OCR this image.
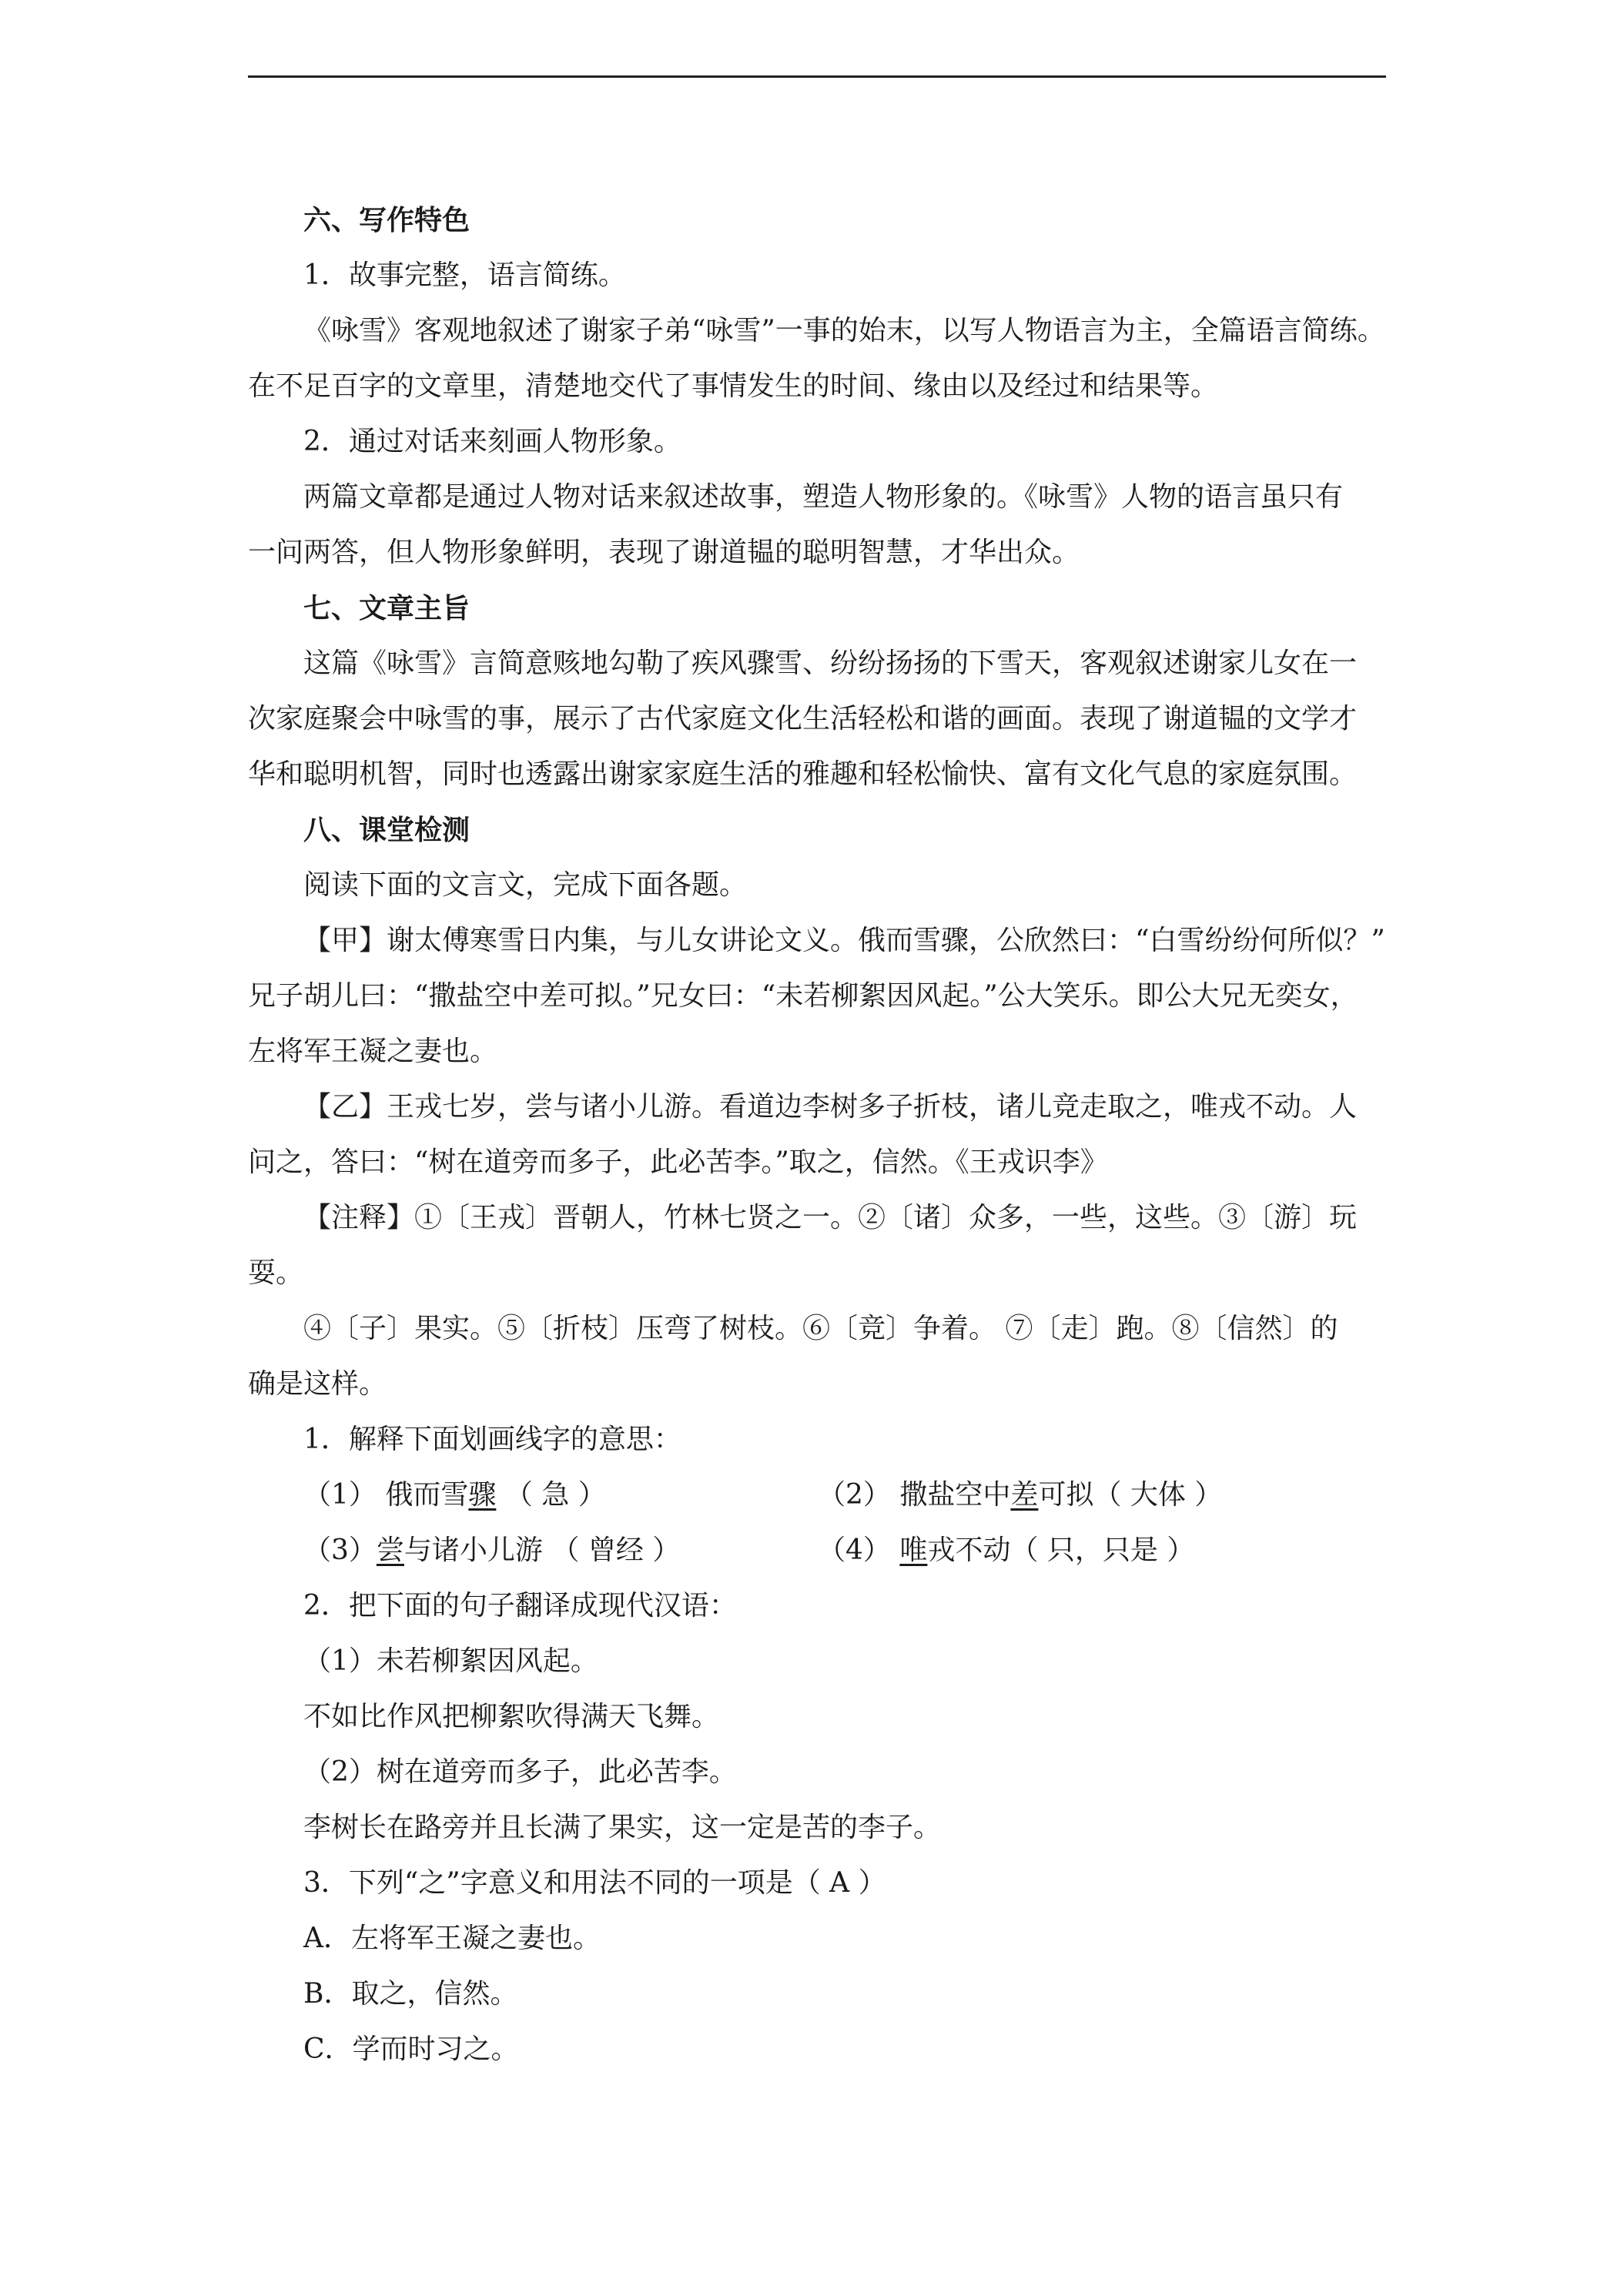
六、写作特色
1．故事完整，语言简练。
《咏雪》客观地叙述了谢家子弟“咏雪”一事的始末，以写人物语言为主，全篇语言简练。
在不足百字的文章里，清楚地交代了事情发生的时间、缘由以及经过和结果等。
2．通过对话来刻画人物形象。
两篇文章都是通过人物对话来叙述故事，塑造人物形象的。《咏雪》人物的语言虽只有
一问两答，但人物形象鲜明，表现了谢道韫的聪明智慧，才华出众。
七、文章主旨
这篇《咏雪》言简意赅地勾勒了疾风骤雪、纷纷扬扬的下雪天，客观叙述谢家儿女在一
次家庭聚会中咏雪的事，展示了古代家庭文化生活轻松和谐的画面。表现了谢道韫的文学才
华和聪明机智，同时也透露出谢家家庭生活的雅趣和轻松愉快、富有文化气息的家庭氛围。
八、课堂检测
阅读下面的文言文，完成下面各题。
【甲】谢太傅寒雪日内集，与儿女讲论文义。俄而雪骤，公欣然曰：“白雪纷纷何所似？”
兄子胡儿曰：“撒盐空中差可拟。”兄女曰：“未若柳絮因风起。”公大笑乐。即公大兄无奕女，
左将军王凝之妻也。
【乙】王戎七岁，尝与诸小儿游。看道边李树多子折枝，诸儿竞走取之，唯戎不动。人
问之，答曰：“树在道旁而多子，此必苦李。”取之，信然。《王戎识李》
【注释】①〔王戎〕晋朝人，竹林七贤之一。②〔诸〕众多，一些，这些。③〔游〕玩
耍。
④〔子〕果实。⑤〔折枝〕压弯了树枝。⑥〔竞〕争着。 ⑦〔走〕跑。⑧〔信然〕的
确是这样。
1．解释下面划画线字的意思：
（1） 俄而雪骤 （ 急 ）	（2） 撒盐空中差可拟（ 大体 ）
（3）尝与诸小儿游 （ 曾经 ）	（4） 唯戎不动（ 只，只是 ）
2．把下面的句子翻译成现代汉语：
（1）未若柳絮因风起。
不如比作风把柳絮吹得满天飞舞。
（2）树在道旁而多子，此必苦李。
李树长在路旁并且长满了果实，这一定是苦的李子。
3．下列“之”字意义和用法不同的一项是（ A ）
A．左将军王凝之妻也。
B．取之，信然。
C．学而时习之。
